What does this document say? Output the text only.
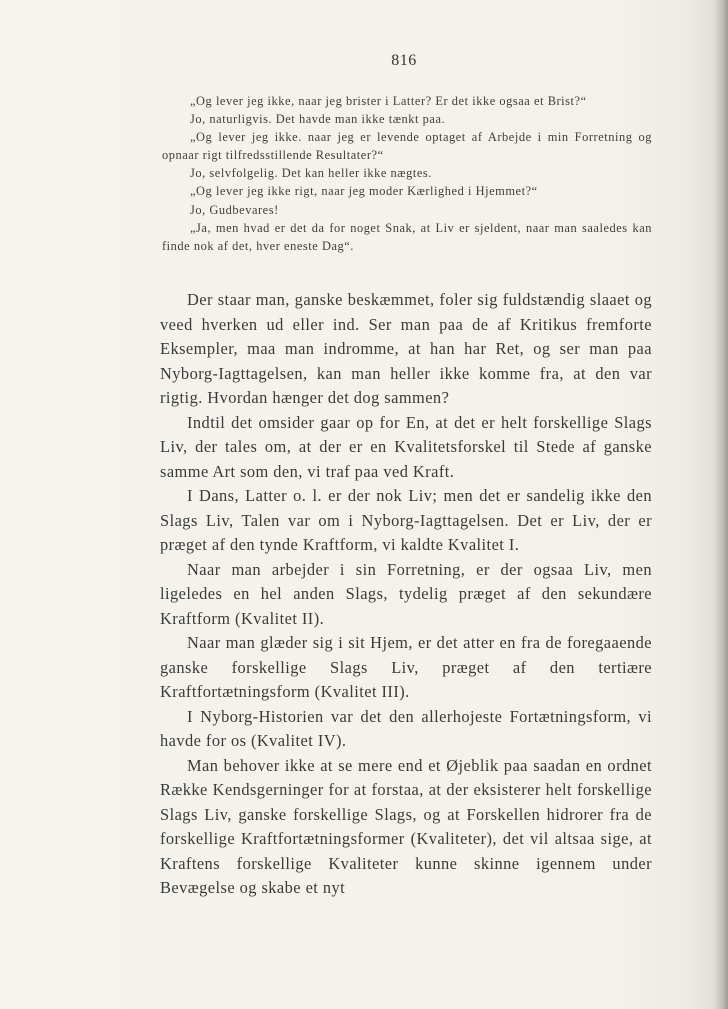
816

„Og lever jeg ikke, naar jeg brister i Latter? Er det ikke ogsaa et Brist?“

Jo, naturligvis. Det havde man ikke tænkt paa.

„Og lever jeg ikke. naar jeg er levende optaget af Arbejde i min Forretning og opnaar rigt tilfredsstillende Resultater?“

Jo, selvfolgelig. Det kan heller ikke nægtes.

„Og lever jeg ikke rigt, naar jeg moder Kærlighed i Hjemmet?“

Jo, Gudbevares!

„Ja, men hvad er det da for noget Snak, at Liv er sjeldent, naar man saaledes kan finde nok af det, hver eneste Dag“.

Der staar man, ganske beskæmmet, foler sig fuldstændig slaaet og veed hverken ud eller ind. Ser man paa de af Kritikus fremforte Eksempler, maa man indromme, at han har Ret, og ser man paa Nyborg-Iagttagelsen, kan man heller ikke komme fra, at den var rigtig. Hvordan hænger det dog sammen?

Indtil det omsider gaar op for En, at det er helt forskellige Slags Liv, der tales om, at der er en Kvalitetsforskel til Stede af ganske samme Art som den, vi traf paa ved Kraft.

I Dans, Latter o. l. er der nok Liv; men det er sandelig ikke den Slags Liv, Talen var om i Nyborg-Iagttagelsen. Det er Liv, der er præget af den tynde Kraftform, vi kaldte Kvalitet I.

Naar man arbejder i sin Forretning, er der ogsaa Liv, men ligeledes en hel anden Slags, tydelig præget af den sekundære Kraftform (Kvalitet II).

Naar man glæder sig i sit Hjem, er det atter en fra de foregaaende ganske forskellige Slags Liv, præget af den tertiære Kraftfortætningsform (Kvalitet III).

I Nyborg-Historien var det den allerhojeste Fortætningsform, vi havde for os (Kvalitet IV).

Man behover ikke at se mere end et Øjeblik paa saadan en ordnet Række Kendsgerninger for at forstaa, at der eksisterer helt forskellige Slags Liv, ganske forskellige Slags, og at Forskellen hidrorer fra de forskellige Kraftfortætningsformer (Kvaliteter), det vil altsaa sige, at Kraftens forskellige Kvaliteter kunne skinne igennem under Bevægelse og skabe et nyt
